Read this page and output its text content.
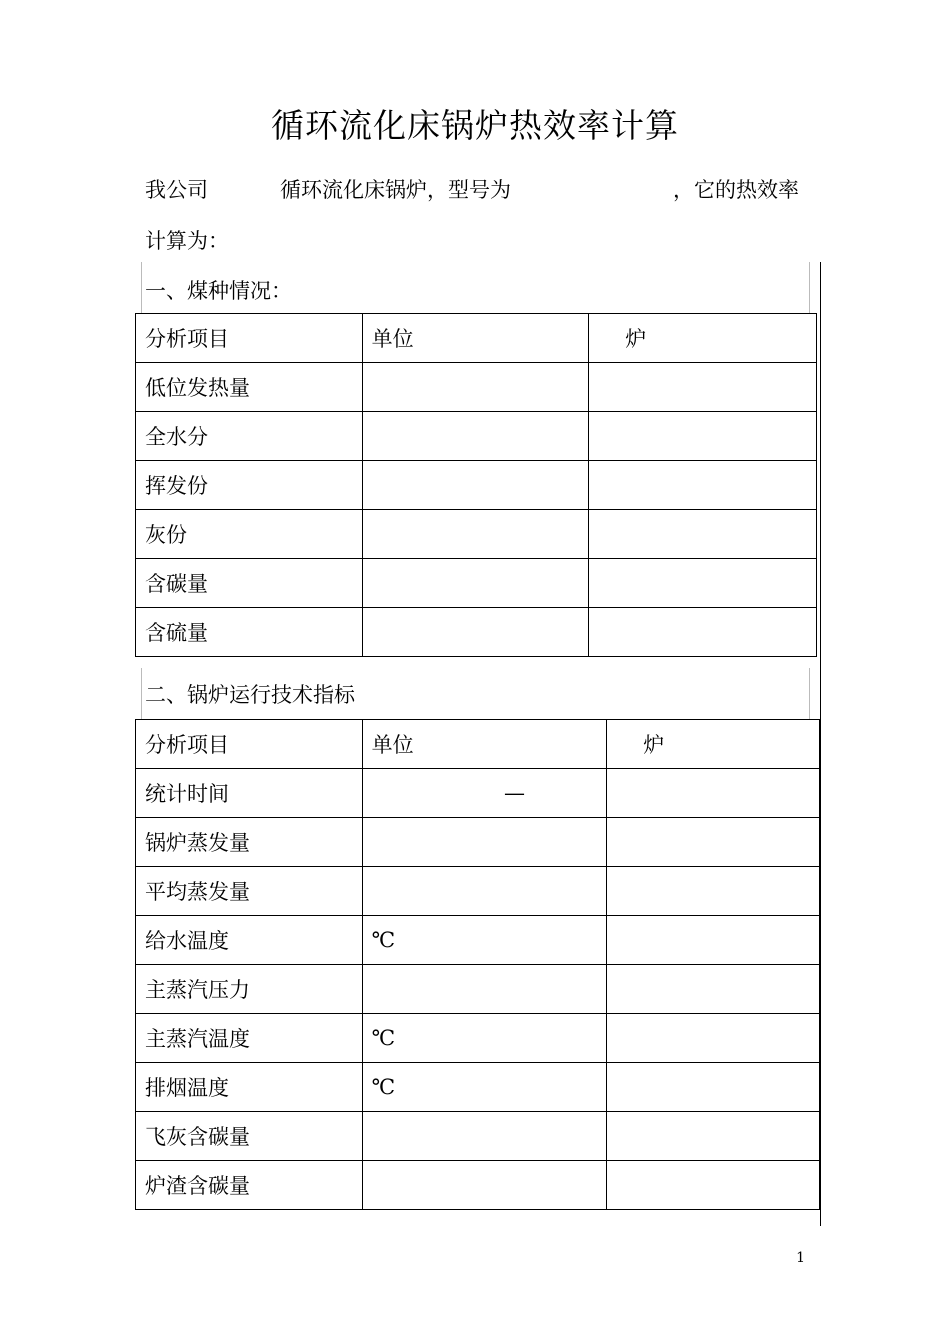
循环流化床锅炉热效率计算
我公司	循环流化床锅炉，型号为	，它的热效率
计算为：
一、煤种情况：
分析项目	单位	炉
低位发热量		
全水分		
挥发份		
灰份		
含碳量		
含硫量		
二、锅炉运行技术指标
分析项目	单位	炉
统计时间	—	
锅炉蒸发量		
平均蒸发量		
给水温度	℃	
主蒸汽压力		
主蒸汽温度	℃	
排烟温度	℃	
飞灰含碳量		
炉渣含碳量		
1
